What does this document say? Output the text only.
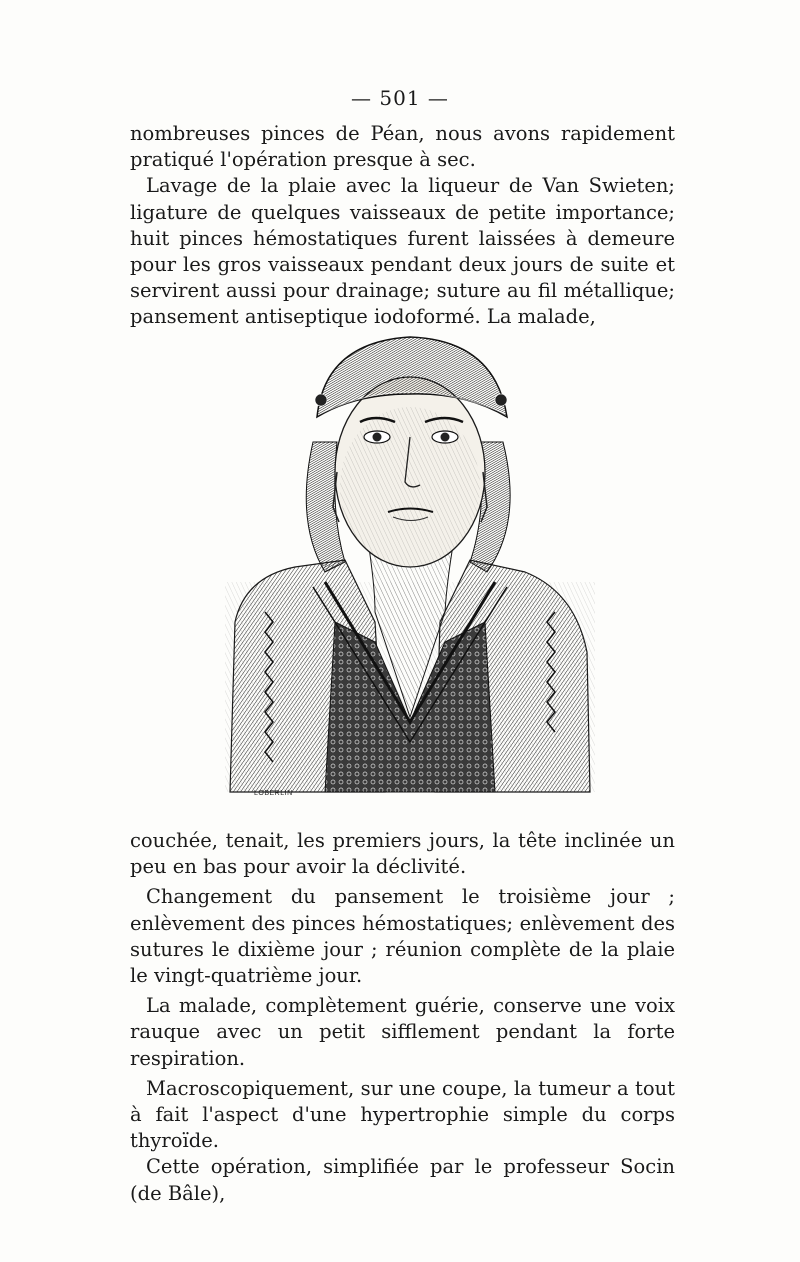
— 501 —

nombreuses pinces de Péan, nous avons rapidement pratiqué l'opération presque à sec.

Lavage de la plaie avec la liqueur de Van Swieten; ligature de quelques vaisseaux de petite importance; huit pinces hémostatiques furent laissées à demeure pour les gros vaisseaux pendant deux jours de suite et servirent aussi pour drainage; suture au fil métallique; pansement antiseptique iodoformé. La malade,

LOBERLIN

couchée, tenait, les premiers jours, la tête inclinée un peu en bas pour avoir la déclivité.

Changement du pansement le troisième jour ; enlèvement des pinces hémostatiques; enlèvement des sutures le dixième jour ; réunion complète de la plaie le vingt-quatrième jour.

La malade, complètement guérie, conserve une voix rauque avec un petit sifflement pendant la forte respiration.

Macroscopiquement, sur une coupe, la tumeur a tout à fait l'aspect d'une hypertrophie simple du corps thyroïde.

Cette opération, simplifiée par le professeur Socin (de Bâle),
